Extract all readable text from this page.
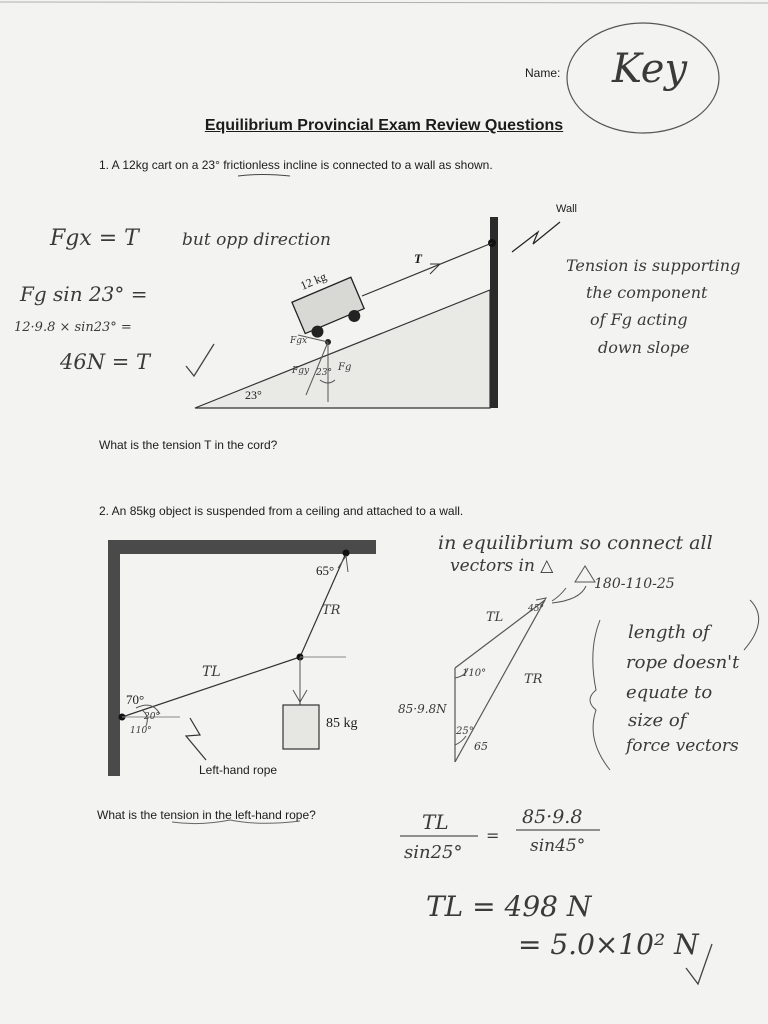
Name: Key
Equilibrium Provincial Exam Review Questions
1. A 12kg cart on a 23° frictionless incline is connected to a wall as shown.
Wall
T
12 kg
23°
Fgy 23° Fg
Fgx
Fgx = T	but opp direction
Fg sin 23° =
12·9.8 × sin23° =
46N = T
Tension is supporting
the component
of Fg acting
down slope
What is the tension T in the cord?
2. An 85kg object is suspended from a ceiling and attached to a wall.
65°
70°
85 kg
Left-hand rope
TR
TL
20°
110°
in equilibrium so connect all
vectors in △
180-110-25
length of
rope doesn't
equate to
size of
force vectors
TL
TR
85·9.8N
45°
110°
25°
65
What is the tension in the left-hand rope?	TL
sin25°
=
85·9.8
sin45°
TL = 498 N
= 5.0×10² N
